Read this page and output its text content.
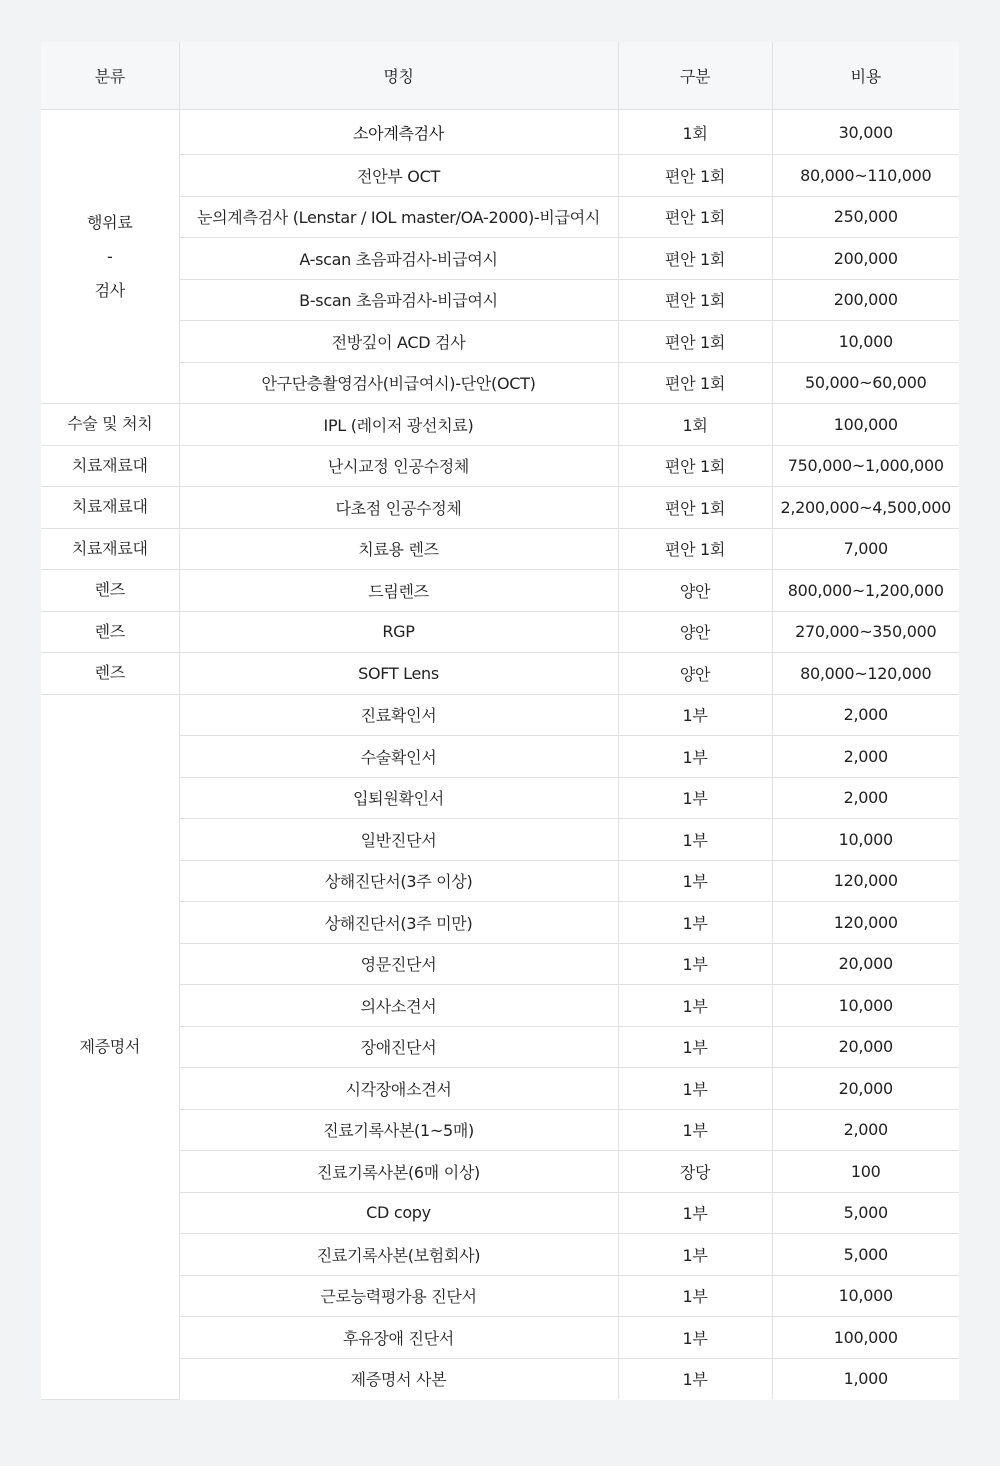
분류	명칭	구분	비용

행위료
-
검사	소아계측검사	1회	30,000
	전안부 OCT	편안 1회	80,000~110,000
	눈의계측검사 (Lenstar / IOL master/OA-2000)-비급여시	편안 1회	250,000
	A-scan 초음파검사-비급여시	편안 1회	200,000
	B-scan 초음파검사-비급여시	편안 1회	200,000
	전방깊이 ACD 검사	편안 1회	10,000
	안구단층촬영검사(비급여시)-단안(OCT)	편안 1회	50,000~60,000

수술 및 처치	IPL (레이저 광선치료)	1회	100,000

치료재료대	난시교정 인공수정체	편안 1회	750,000~1,000,000

치료재료대	다초점 인공수정체	편안 1회	2,200,000~4,500,000

치료재료대	치료용 렌즈	편안 1회	7,000

렌즈	드림렌즈	양안	800,000~1,200,000

렌즈	RGP	양안	270,000~350,000

렌즈	SOFT Lens	양안	80,000~120,000

제증명서	진료확인서	1부	2,000
	수술확인서	1부	2,000
	입퇴원확인서	1부	2,000
	일반진단서	1부	10,000
	상해진단서(3주 이상)	1부	120,000
	상해진단서(3주 미만)	1부	120,000
	영문진단서	1부	20,000
	의사소견서	1부	10,000
	장애진단서	1부	20,000
	시각장애소견서	1부	20,000
	진료기록사본(1~5매)	1부	2,000
	진료기록사본(6매 이상)	장당	100
	CD copy	1부	5,000
	진료기록사본(보험회사)	1부	5,000
	근로능력평가용 진단서	1부	10,000
	후유장애 진단서	1부	100,000
	제증명서 사본	1부	1,000
